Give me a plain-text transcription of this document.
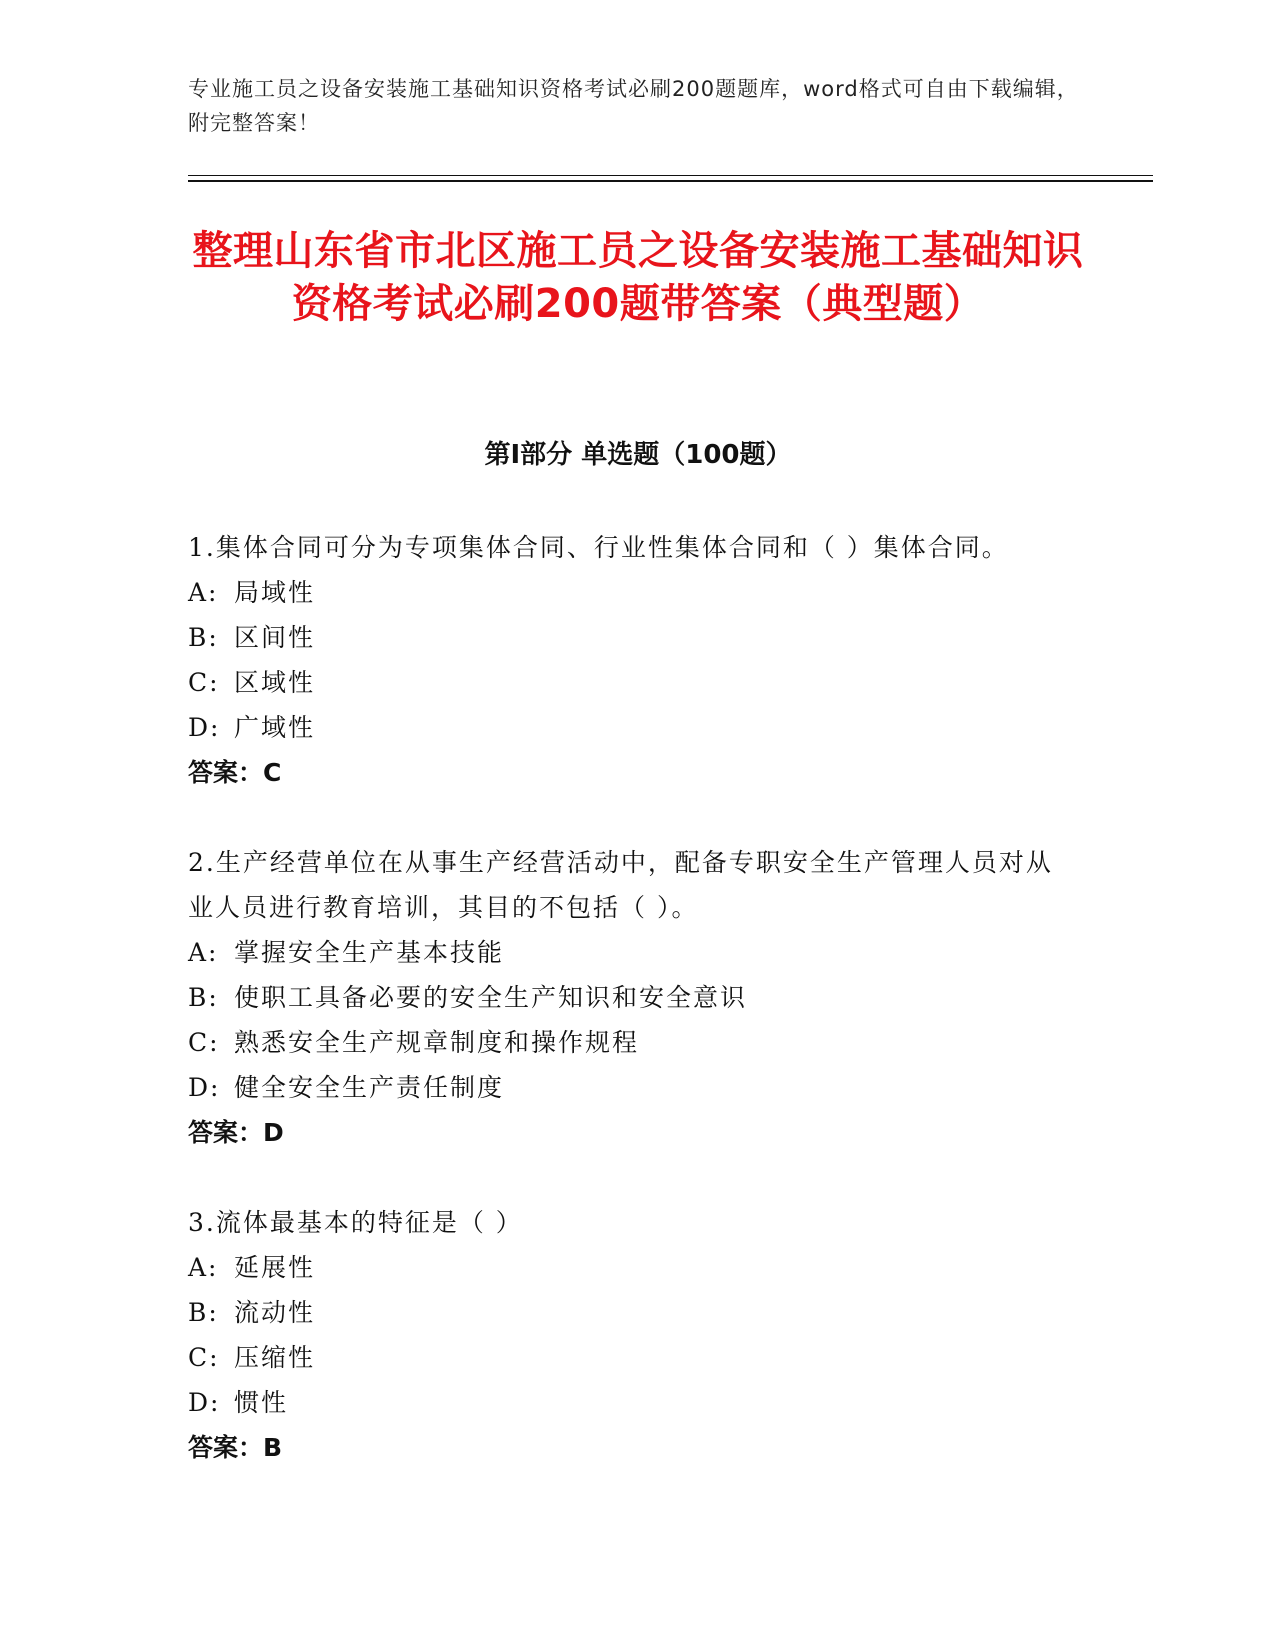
专业施工员之设备安装施工基础知识资格考试必刷200题题库，word格式可自由下载编辑，附完整答案！
整理山东省市北区施工员之设备安装施工基础知识资格考试必刷200题带答案（典型题）
第Ⅰ部分 单选题（100题）
1.集体合同可分为专项集体合同、行业性集体合同和（ ）集体合同。
A: 局域性
B: 区间性
C: 区域性
D: 广域性
答案：C
2.生产经营单位在从事生产经营活动中，配备专职安全生产管理人员对从业人员进行教育培训，其目的不包括（ ）。
A: 掌握安全生产基本技能
B: 使职工具备必要的安全生产知识和安全意识
C: 熟悉安全生产规章制度和操作规程
D: 健全安全生产责任制度
答案：D
3.流体最基本的特征是（ ）
A: 延展性
B: 流动性
C: 压缩性
D: 惯性
答案：B
